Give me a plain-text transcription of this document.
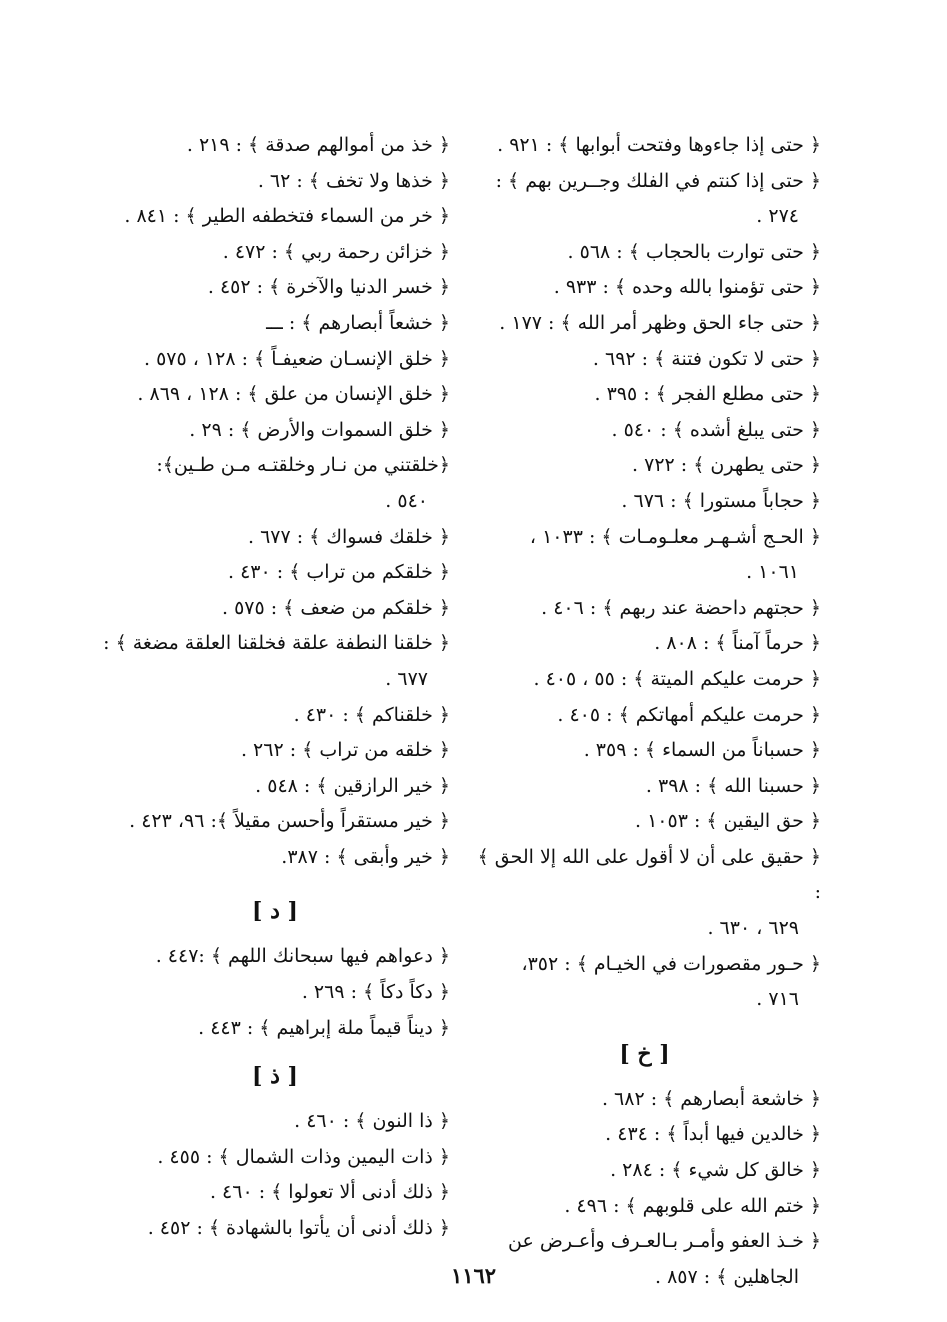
﴿ حتى إذا جاءوها وفتحت أبوابها ﴾ : ٩٢١ .
﴿ حتى إذا كنتم في الفلك وجــرين بهم ﴾ :
٢٧٤ .
﴿ حتى توارت بالحجاب ﴾ : ٥٦٨ .
﴿ حتى تؤمنوا بالله وحده ﴾ : ٩٣٣ .
﴿ حتى جاء الحق وظهر أمر الله ﴾ : ١٧٧ .
﴿ حتى لا تكون فتنة ﴾ : ٦٩٢ .
﴿ حتى مطلع الفجر ﴾ : ٣٩٥ .
﴿ حتى يبلغ أشده ﴾ : ٥٤٠ .
﴿ حتى يطهرن ﴾ : ٧٢٢ .
﴿ حجاباً مستورا ﴾ : ٦٧٦ .
﴿ الحـج أشـهـر معلـومـات ﴾ : ١٠٣٣ ،
١٠٦١ .
﴿ حجتهم داحضة عند ربهم ﴾ : ٤٠٦ .
﴿ حرماً آمناً ﴾ : ٨٠٨ .
﴿ حرمت عليكم الميتة ﴾ : ٥٥ ، ٤٠٥ .
﴿ حرمت عليكم أمهاتكم ﴾ : ٤٠٥ .
﴿ حسباناً من السماء ﴾ : ٣٥٩ .
﴿ حسبنا الله ﴾ : ٣٩٨ .
﴿ حق اليقين ﴾ : ١٠٥٣ .
﴿ حقيق على أن لا أقول على الله إلا الحق ﴾ :
٦٢٩ ، ٦٣٠ .
﴿ حـور مقصورات في الخيـام ﴾ : ٣٥٢،
٧١٦ .
[ خ ]
﴿ خاشعة أبصارهم ﴾ : ٦٨٢ .
﴿ خالدين فيها أبداً ﴾ : ٤٣٤ .
﴿ خالق كل شيء ﴾ : ٢٨٤ .
﴿ ختم الله على قلوبهم ﴾ : ٤٩٦ .
﴿ خـذ العفو وأمـر بـالعـرف وأعـرض عن
الجاهلين ﴾ : ٨٥٧ .
﴿ خذ من أموالهم صدقة ﴾ : ٢١٩ .
﴿ خذها ولا تخف ﴾ : ٦٢ .
﴿ خر من السماء فتخطفه الطير ﴾ : ٨٤١ .
﴿ خزائن رحمة ربي ﴾ : ٤٧٢ .
﴿ خسر الدنيا والآخرة ﴾ : ٤٥٢ .
﴿ خشعاً أبصارهم ﴾ : ـــ
﴿ خلق الإنسـان ضعيفـاً ﴾ : ١٢٨ ، ٥٧٥ .
﴿ خلق الإنسان من علق ﴾ : ١٢٨ ، ٨٦٩ .
﴿ خلق السموات والأرض ﴾ : ٢٩ .
﴿خلقتني من نـار وخلقتـه مـن طـين﴾:
٥٤٠ .
﴿ خلقك فسواك ﴾ : ٦٧٧ .
﴿ خلقكم من تراب ﴾ : ٤٣٠ .
﴿ خلقكم من ضعف ﴾ : ٥٧٥ .
﴿ خلقنا النطفة علقة فخلقنا العلقة مضغة ﴾ :
٦٧٧ .
﴿ خلقناكم ﴾ : ٤٣٠ .
﴿ خلقه من تراب ﴾ : ٢٦٢ .
﴿ خير الرازقين ﴾ : ٥٤٨ .
﴿ خير مستقراً وأحسن مقيلاً ﴾: ٩٦، ٤٢٣ .
﴿ خير وأبقى ﴾ : ٣٨٧.
[ د ]
﴿ دعواهم فيها سبحانك اللهم ﴾ :٤٤٧ .
﴿ دكاً دكاً ﴾ : ٢٦٩ .
﴿ ديناً قيماً ملة إبراهيم ﴾ : ٤٤٣ .
[ ذ ]
﴿ ذا النون ﴾ : ٤٦٠ .
﴿ ذات اليمين وذات الشمال ﴾ : ٤٥٥ .
﴿ ذلك أدنى ألا تعولوا ﴾ : ٤٦٠ .
﴿ ذلك أدنى أن يأتوا بالشهادة ﴾ : ٤٥٢ .
١١٦٢
